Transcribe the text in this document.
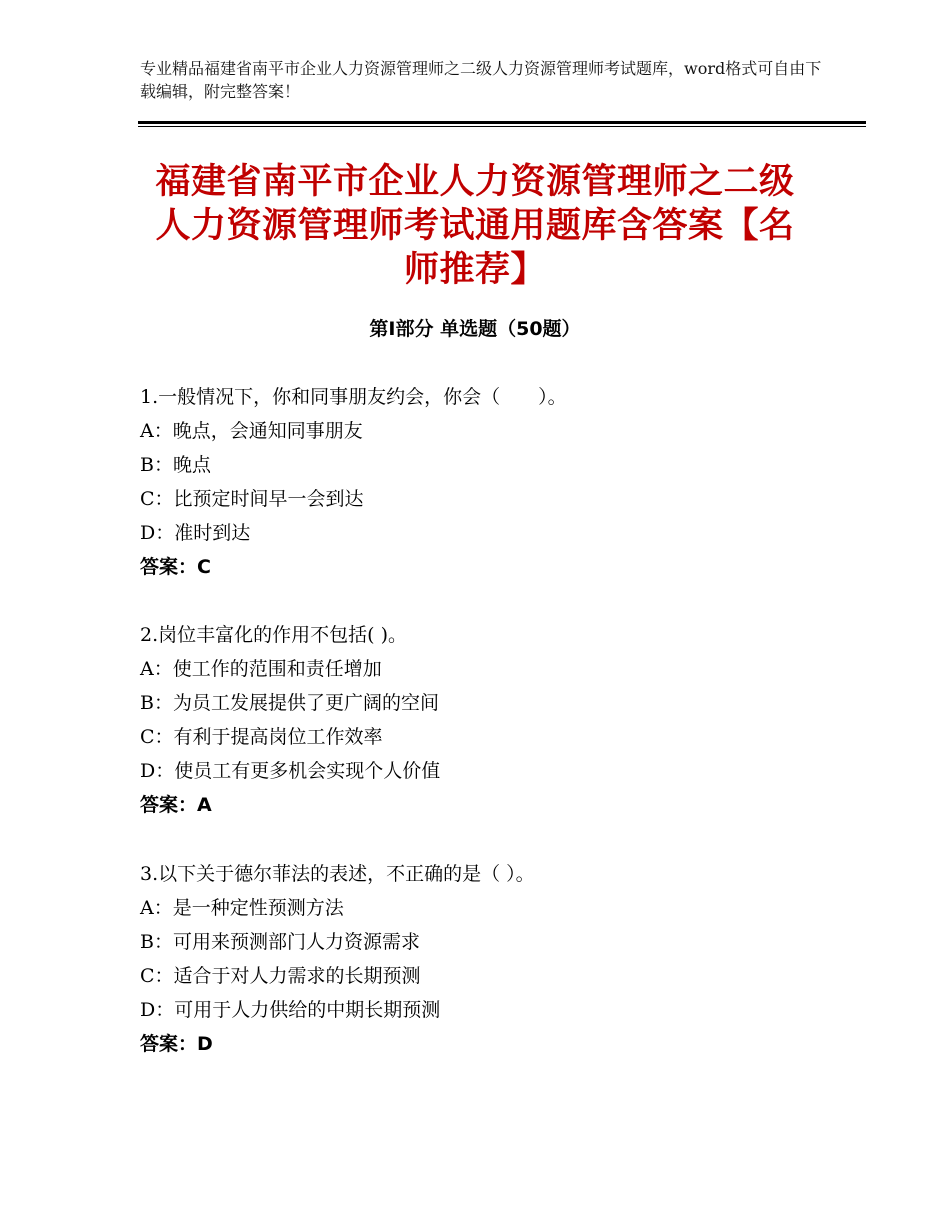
专业精品福建省南平市企业人力资源管理师之二级人力资源管理师考试题库，word格式可自由下载编辑，附完整答案！
福建省南平市企业人力资源管理师之二级人力资源管理师考试通用题库含答案【名师推荐】
第Ⅰ部分 单选题（50题）
1.一般情况下，你和同事朋友约会，你会（　　）。
A：晚点，会通知同事朋友
B：晚点
C：比预定时间早一会到达
D：准时到达
答案：C
2.岗位丰富化的作用不包括( )。
A：使工作的范围和责任增加
B：为员工发展提供了更广阔的空间
C：有利于提高岗位工作效率
D：使员工有更多机会实现个人价值
答案：A
3.以下关于德尔菲法的表述，不正确的是（ ）。
A：是一种定性预测方法
B：可用来预测部门人力资源需求
C：适合于对人力需求的长期预测
D：可用于人力供给的中期长期预测
答案：D
